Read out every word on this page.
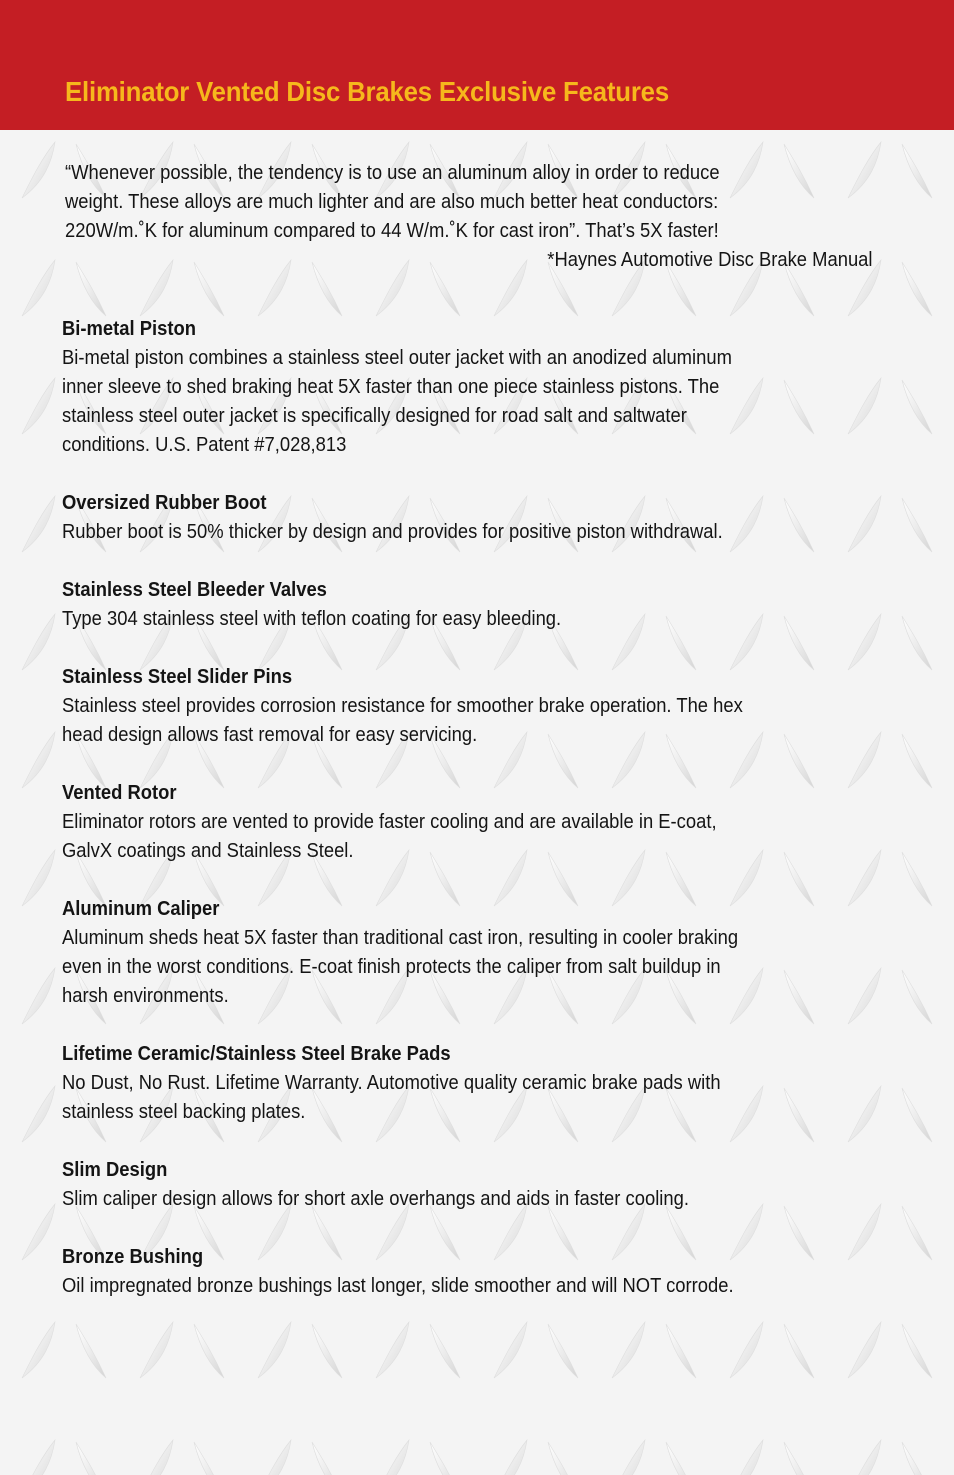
Eliminator Vented Disc Brakes Exclusive Features

“Whenever possible, the tendency is to use an aluminum alloy in order to reduce
weight. These alloys are much lighter and are also much better heat conductors:
220W/m.˚K for aluminum compared to 44 W/m.˚K for cast iron”. That’s 5X faster!

*Haynes Automotive Disc Brake Manual

Bi-metal Piston
Bi-metal piston combines a stainless steel outer jacket with an anodized aluminum
inner sleeve to shed braking heat 5X faster than one piece stainless pistons. The
stainless steel outer jacket is specifically designed for road salt and saltwater
conditions. U.S. Patent #7,028,813
Oversized Rubber Boot
Rubber boot is 50% thicker by design and provides for positive piston withdrawal.
Stainless Steel Bleeder Valves
Type 304 stainless steel with teflon coating for easy bleeding.
Stainless Steel Slider Pins
Stainless steel provides corrosion resistance for smoother brake operation. The hex
head design allows fast removal for easy servicing.
Vented Rotor
Eliminator rotors are vented to provide faster cooling and are available in E-coat,
GalvX coatings and Stainless Steel.
Aluminum Caliper
Aluminum sheds heat 5X faster than traditional cast iron, resulting in cooler braking
even in the worst conditions. E-coat finish protects the caliper from salt buildup in
harsh environments.
Lifetime Ceramic/Stainless Steel Brake Pads
No Dust, No Rust. Lifetime Warranty. Automotive quality ceramic brake pads with
stainless steel backing plates.
Slim Design
Slim caliper design allows for short axle overhangs and aids in faster cooling.
Bronze Bushing
Oil impregnated bronze bushings last longer, slide smoother and will NOT corrode.
